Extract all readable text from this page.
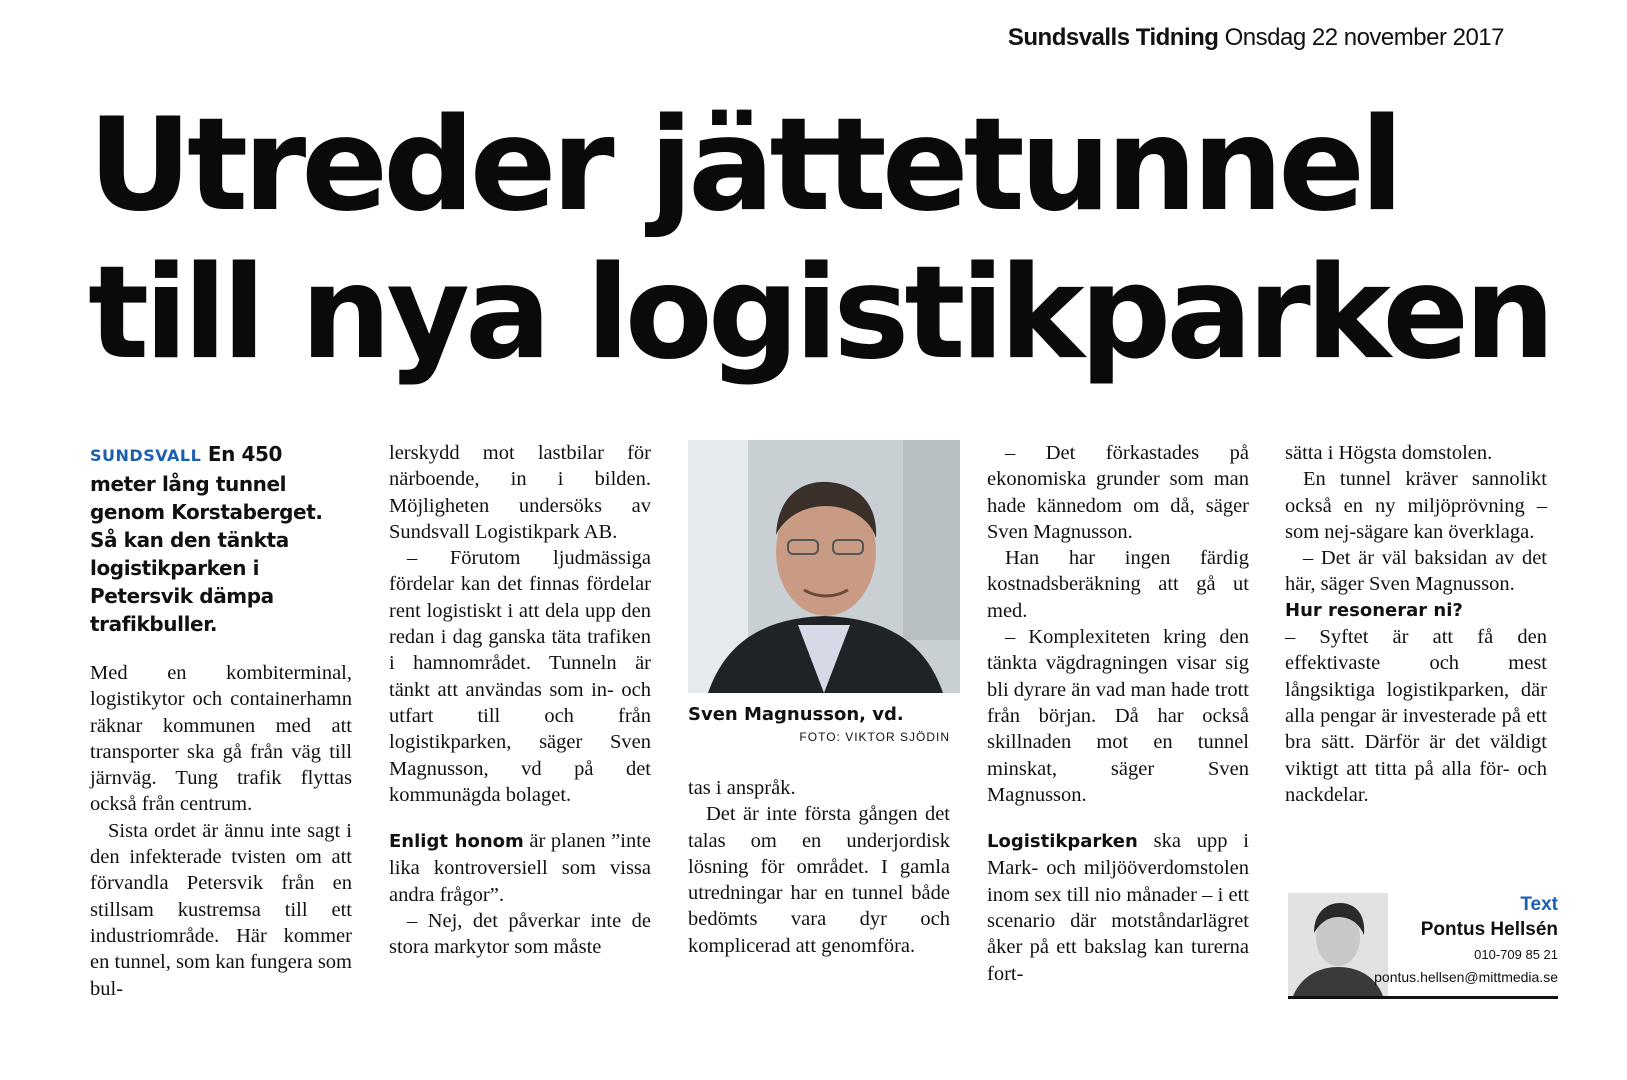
Sundsvalls Tidning Onsdag 22 november 2017
Utreder jättetunnel
till nya logistikparken

SUNDSVALL En 450 meter lång tunnel genom Korstaberget. Så kan den tänkta logistikparken i Petersvik dämpa trafikbuller.

Med en kombiterminal, logistikytor och containerhamn räknar kommunen med att transporter ska gå från väg till järnväg. Tung trafik flyttas också från centrum.

Sista ordet är ännu inte sagt i den infekterade tvisten om att förvandla Petersvik från en stillsam kustremsa till ett industriområde. Här kommer en tunnel, som kan fungera som bul-

lerskydd mot lastbilar för närboende, in i bilden. Möjligheten undersöks av Sundsvall Logistikpark AB.

– Förutom ljudmässiga fördelar kan det finnas fördelar rent logistiskt i att dela upp den redan i dag ganska täta trafiken i hamnområdet. Tunneln är tänkt att användas som in- och utfart till och från logistikparken, säger Sven Magnusson, vd på det kommunägda bolaget.

Enligt honom är planen ”inte lika kontroversiell som vissa andra frågor”.

– Nej, det påverkar inte de stora markytor som måste

Sven Magnusson, vd.

FOTO: VIKTOR SJÖDIN

tas i anspråk.

Det är inte första gången det talas om en underjordisk lösning för området. I gamla utredningar har en tunnel både bedömts vara dyr och komplicerad att genomföra.

– Det förkastades på ekonomiska grunder som man hade kännedom om då, säger Sven Magnusson.

Han har ingen färdig kostnadsberäkning att gå ut med.

– Komplexiteten kring den tänkta vägdragningen visar sig bli dyrare än vad man hade trott från början. Då har också skillnaden mot en tunnel minskat, säger Sven Magnusson.

Logistikparken ska upp i Mark- och miljööverdomstolen inom sex till nio månader – i ett scenario där motståndarlägret åker på ett bakslag kan turerna fort-

sätta i Högsta domstolen.

En tunnel kräver sannolikt också en ny miljöprövning – som nej-sägare kan överklaga.

– Det är väl baksidan av det här, säger Sven Magnusson.

Hur resonerar ni?

– Syftet är att få den effektivaste och mest långsiktiga logistikparken, där alla pengar är investerade på ett bra sätt. Därför är det väldigt viktigt att titta på alla för- och nackdelar.

Text
Pontus Hellsén
010-709 85 21
pontus.hellsen@mittmedia.se
